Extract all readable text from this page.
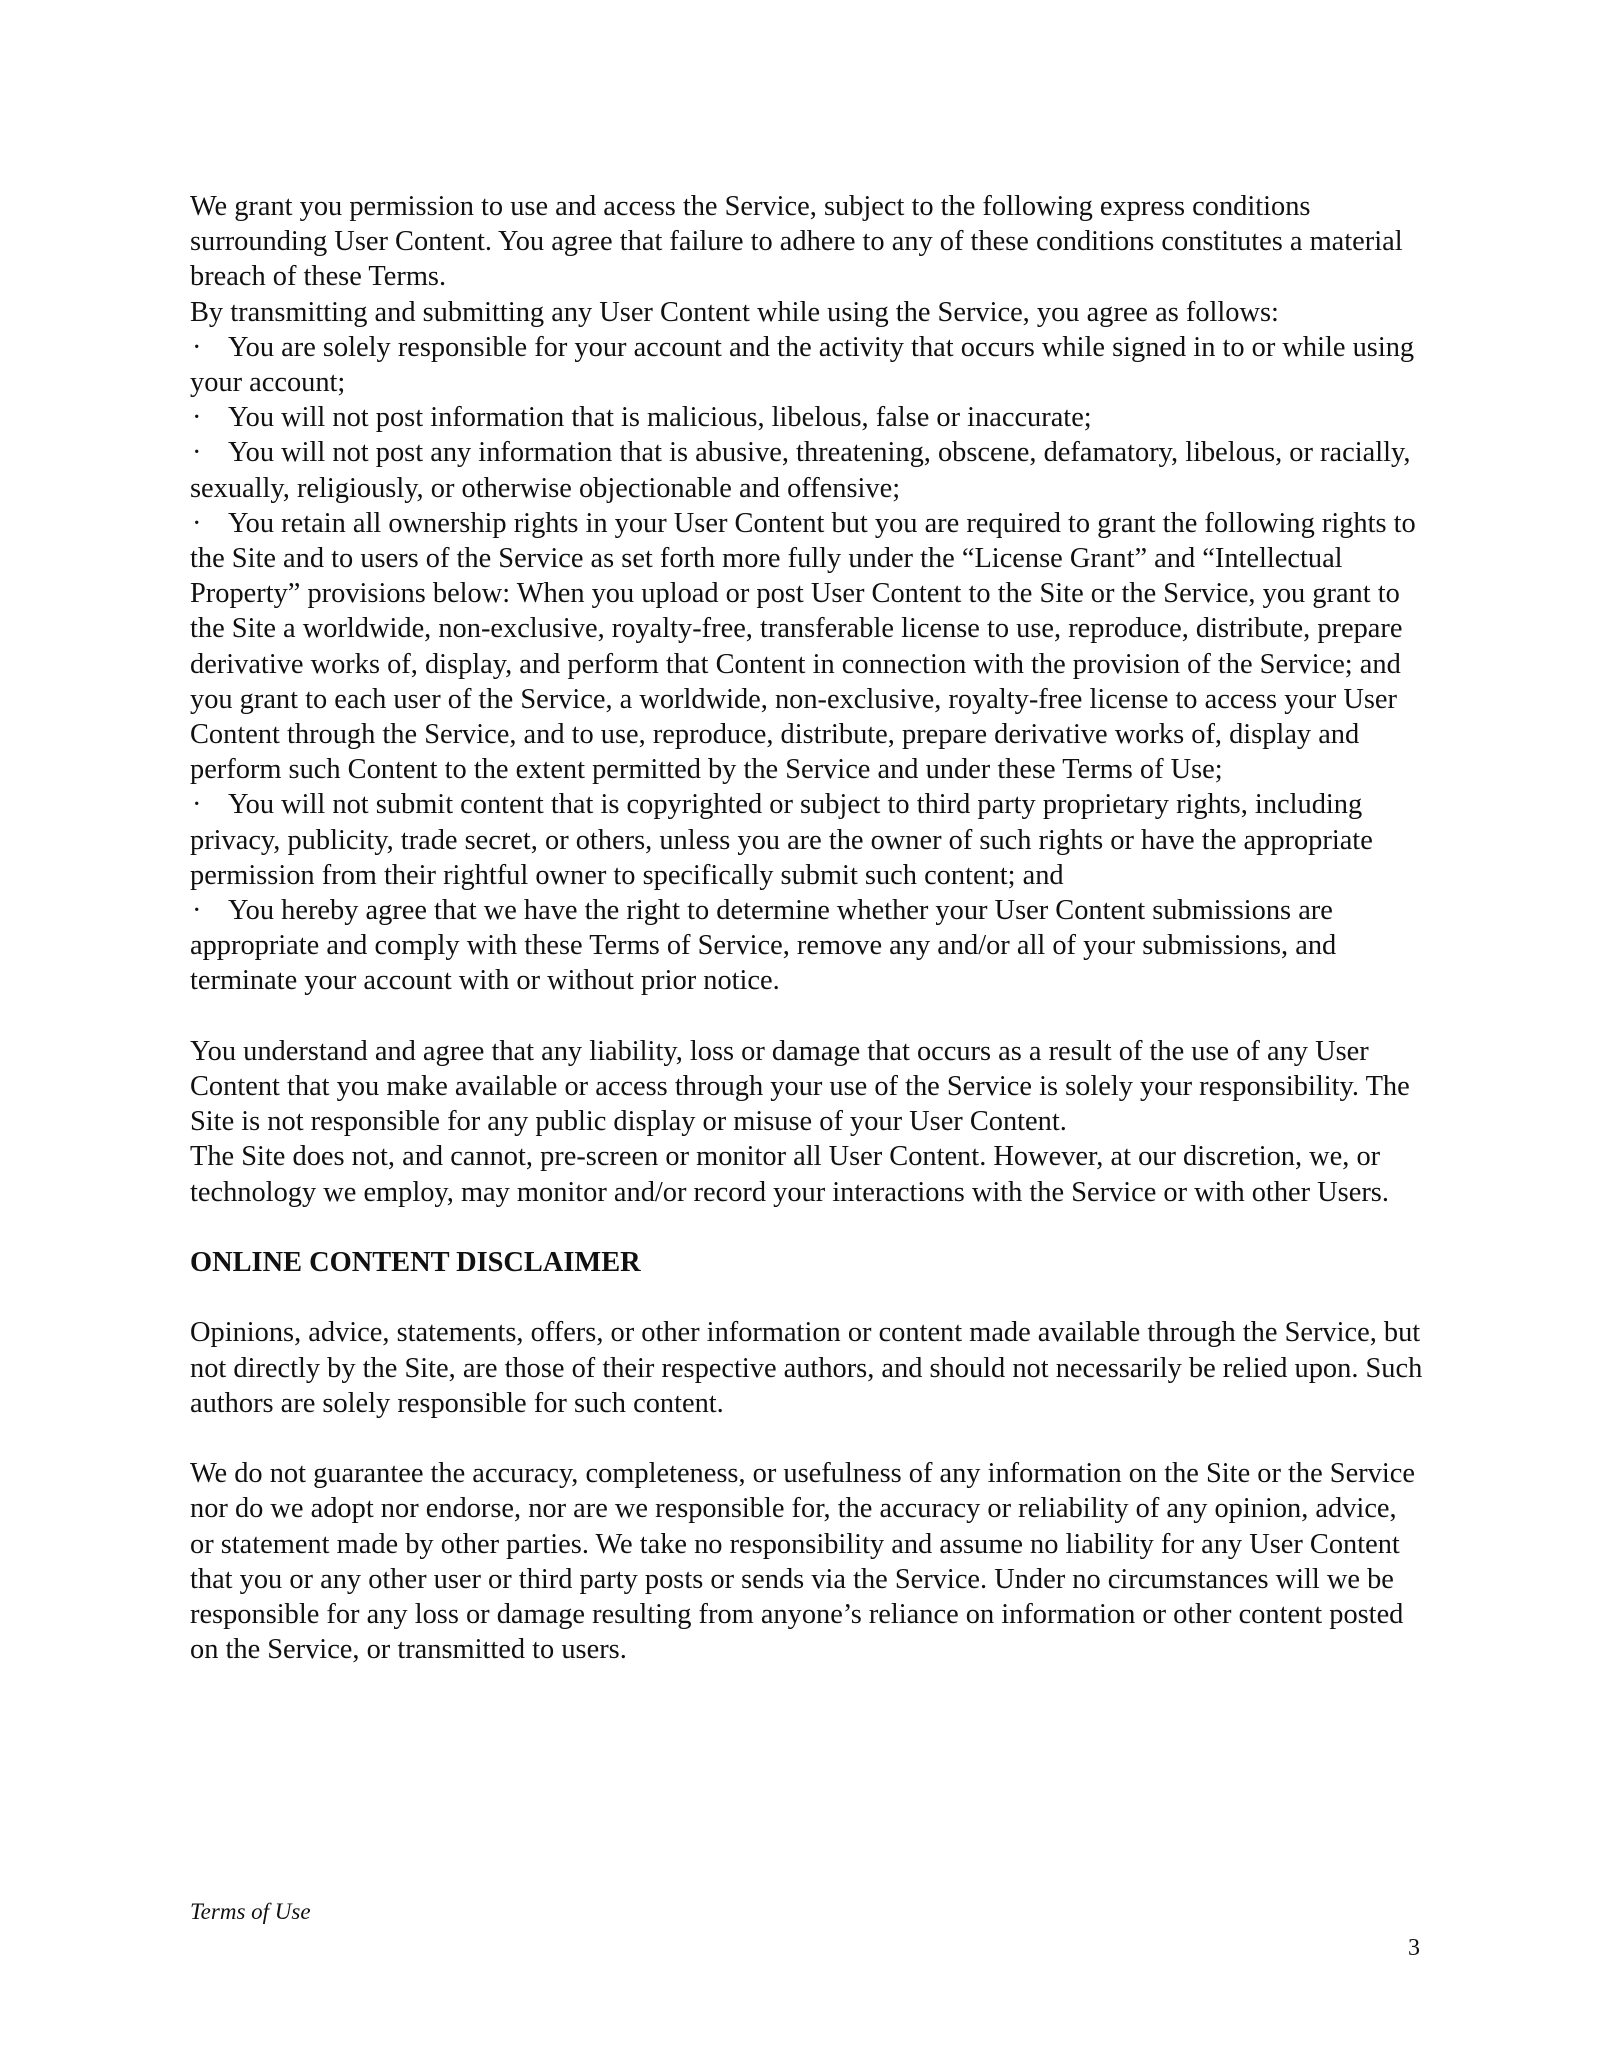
We grant you permission to use and access the Service, subject to the following express conditions surrounding User Content. You agree that failure to adhere to any of these conditions constitutes a material breach of these Terms.

By transmitting and submitting any User Content while using the Service, you agree as follows:

· You are solely responsible for your account and the activity that occurs while signed in to or while using your account;

· You will not post information that is malicious, libelous, false or inaccurate;

· You will not post any information that is abusive, threatening, obscene, defamatory, libelous, or racially, sexually, religiously, or otherwise objectionable and offensive;

· You retain all ownership rights in your User Content but you are required to grant the following rights to the Site and to users of the Service as set forth more fully under the “License Grant” and “Intellectual Property” provisions below: When you upload or post User Content to the Site or the Service, you grant to the Site a worldwide, non-exclusive, royalty-free, transferable license to use, reproduce, distribute, prepare derivative works of, display, and perform that Content in connection with the provision of the Service; and you grant to each user of the Service, a worldwide, non-exclusive, royalty-free license to access your User Content through the Service, and to use, reproduce, distribute, prepare derivative works of, display and perform such Content to the extent permitted by the Service and under these Terms of Use;

· You will not submit content that is copyrighted or subject to third party proprietary rights, including privacy, publicity, trade secret, or others, unless you are the owner of such rights or have the appropriate permission from their rightful owner to specifically submit such content; and

· You hereby agree that we have the right to determine whether your User Content submissions are appropriate and comply with these Terms of Service, remove any and/or all of your submissions, and terminate your account with or without prior notice.

You understand and agree that any liability, loss or damage that occurs as a result of the use of any User Content that you make available or access through your use of the Service is solely your responsibility. The Site is not responsible for any public display or misuse of your User Content.

The Site does not, and cannot, pre-screen or monitor all User Content. However, at our discretion, we, or technology we employ, may monitor and/or record your interactions with the Service or with other Users.

ONLINE CONTENT DISCLAIMER

Opinions, advice, statements, offers, or other information or content made available through the Service, but not directly by the Site, are those of their respective authors, and should not necessarily be relied upon. Such authors are solely responsible for such content.

We do not guarantee the accuracy, completeness, or usefulness of any information on the Site or the Service nor do we adopt nor endorse, nor are we responsible for, the accuracy or reliability of any opinion, advice, or statement made by other parties. We take no responsibility and assume no liability for any User Content that you or any other user or third party posts or sends via the Service. Under no circumstances will we be responsible for any loss or damage resulting from anyone’s reliance on information or other content posted on the Service, or transmitted to users.

Terms of Use
3
